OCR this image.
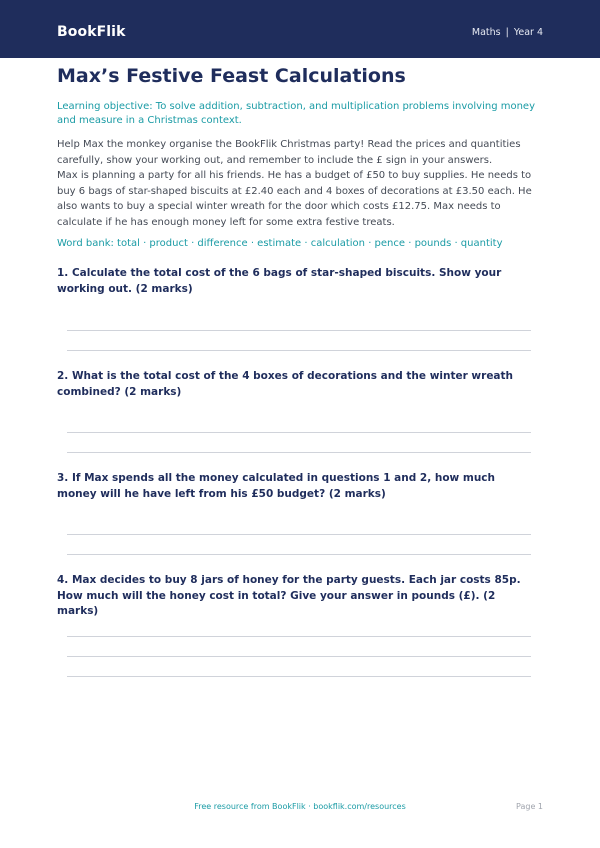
BookFlik	Maths | Year 4
Max’s Festive Feast Calculations

Learning objective: To solve addition, subtraction, and multiplication problems involving money and measure in a Christmas context.

Help Max the monkey organise the BookFlik Christmas party! Read the prices and quantities carefully, show your working out, and remember to include the £ sign in your answers.

Max is planning a party for all his friends. He has a budget of £50 to buy supplies. He needs to buy 6 bags of star-shaped biscuits at £2.40 each and 4 boxes of decorations at £3.50 each. He also wants to buy a special winter wreath for the door which costs £12.75. Max needs to calculate if he has enough money left for some extra festive treats.

Word bank: total · product · difference · estimate · calculation · pence · pounds · quantity

1. Calculate the total cost of the 6 bags of star-shaped biscuits. Show your working out. (2 marks)

2. What is the total cost of the 4 boxes of decorations and the winter wreath combined? (2 marks)

3. If Max spends all the money calculated in questions 1 and 2, how much money will he have left from his £50 budget? (2 marks)

4. Max decides to buy 8 jars of honey for the party guests. Each jar costs 85p. How much will the honey cost in total? Give your answer in pounds (£). (2 marks)

Free resource from BookFlik · bookflik.com/resources	Page 1
